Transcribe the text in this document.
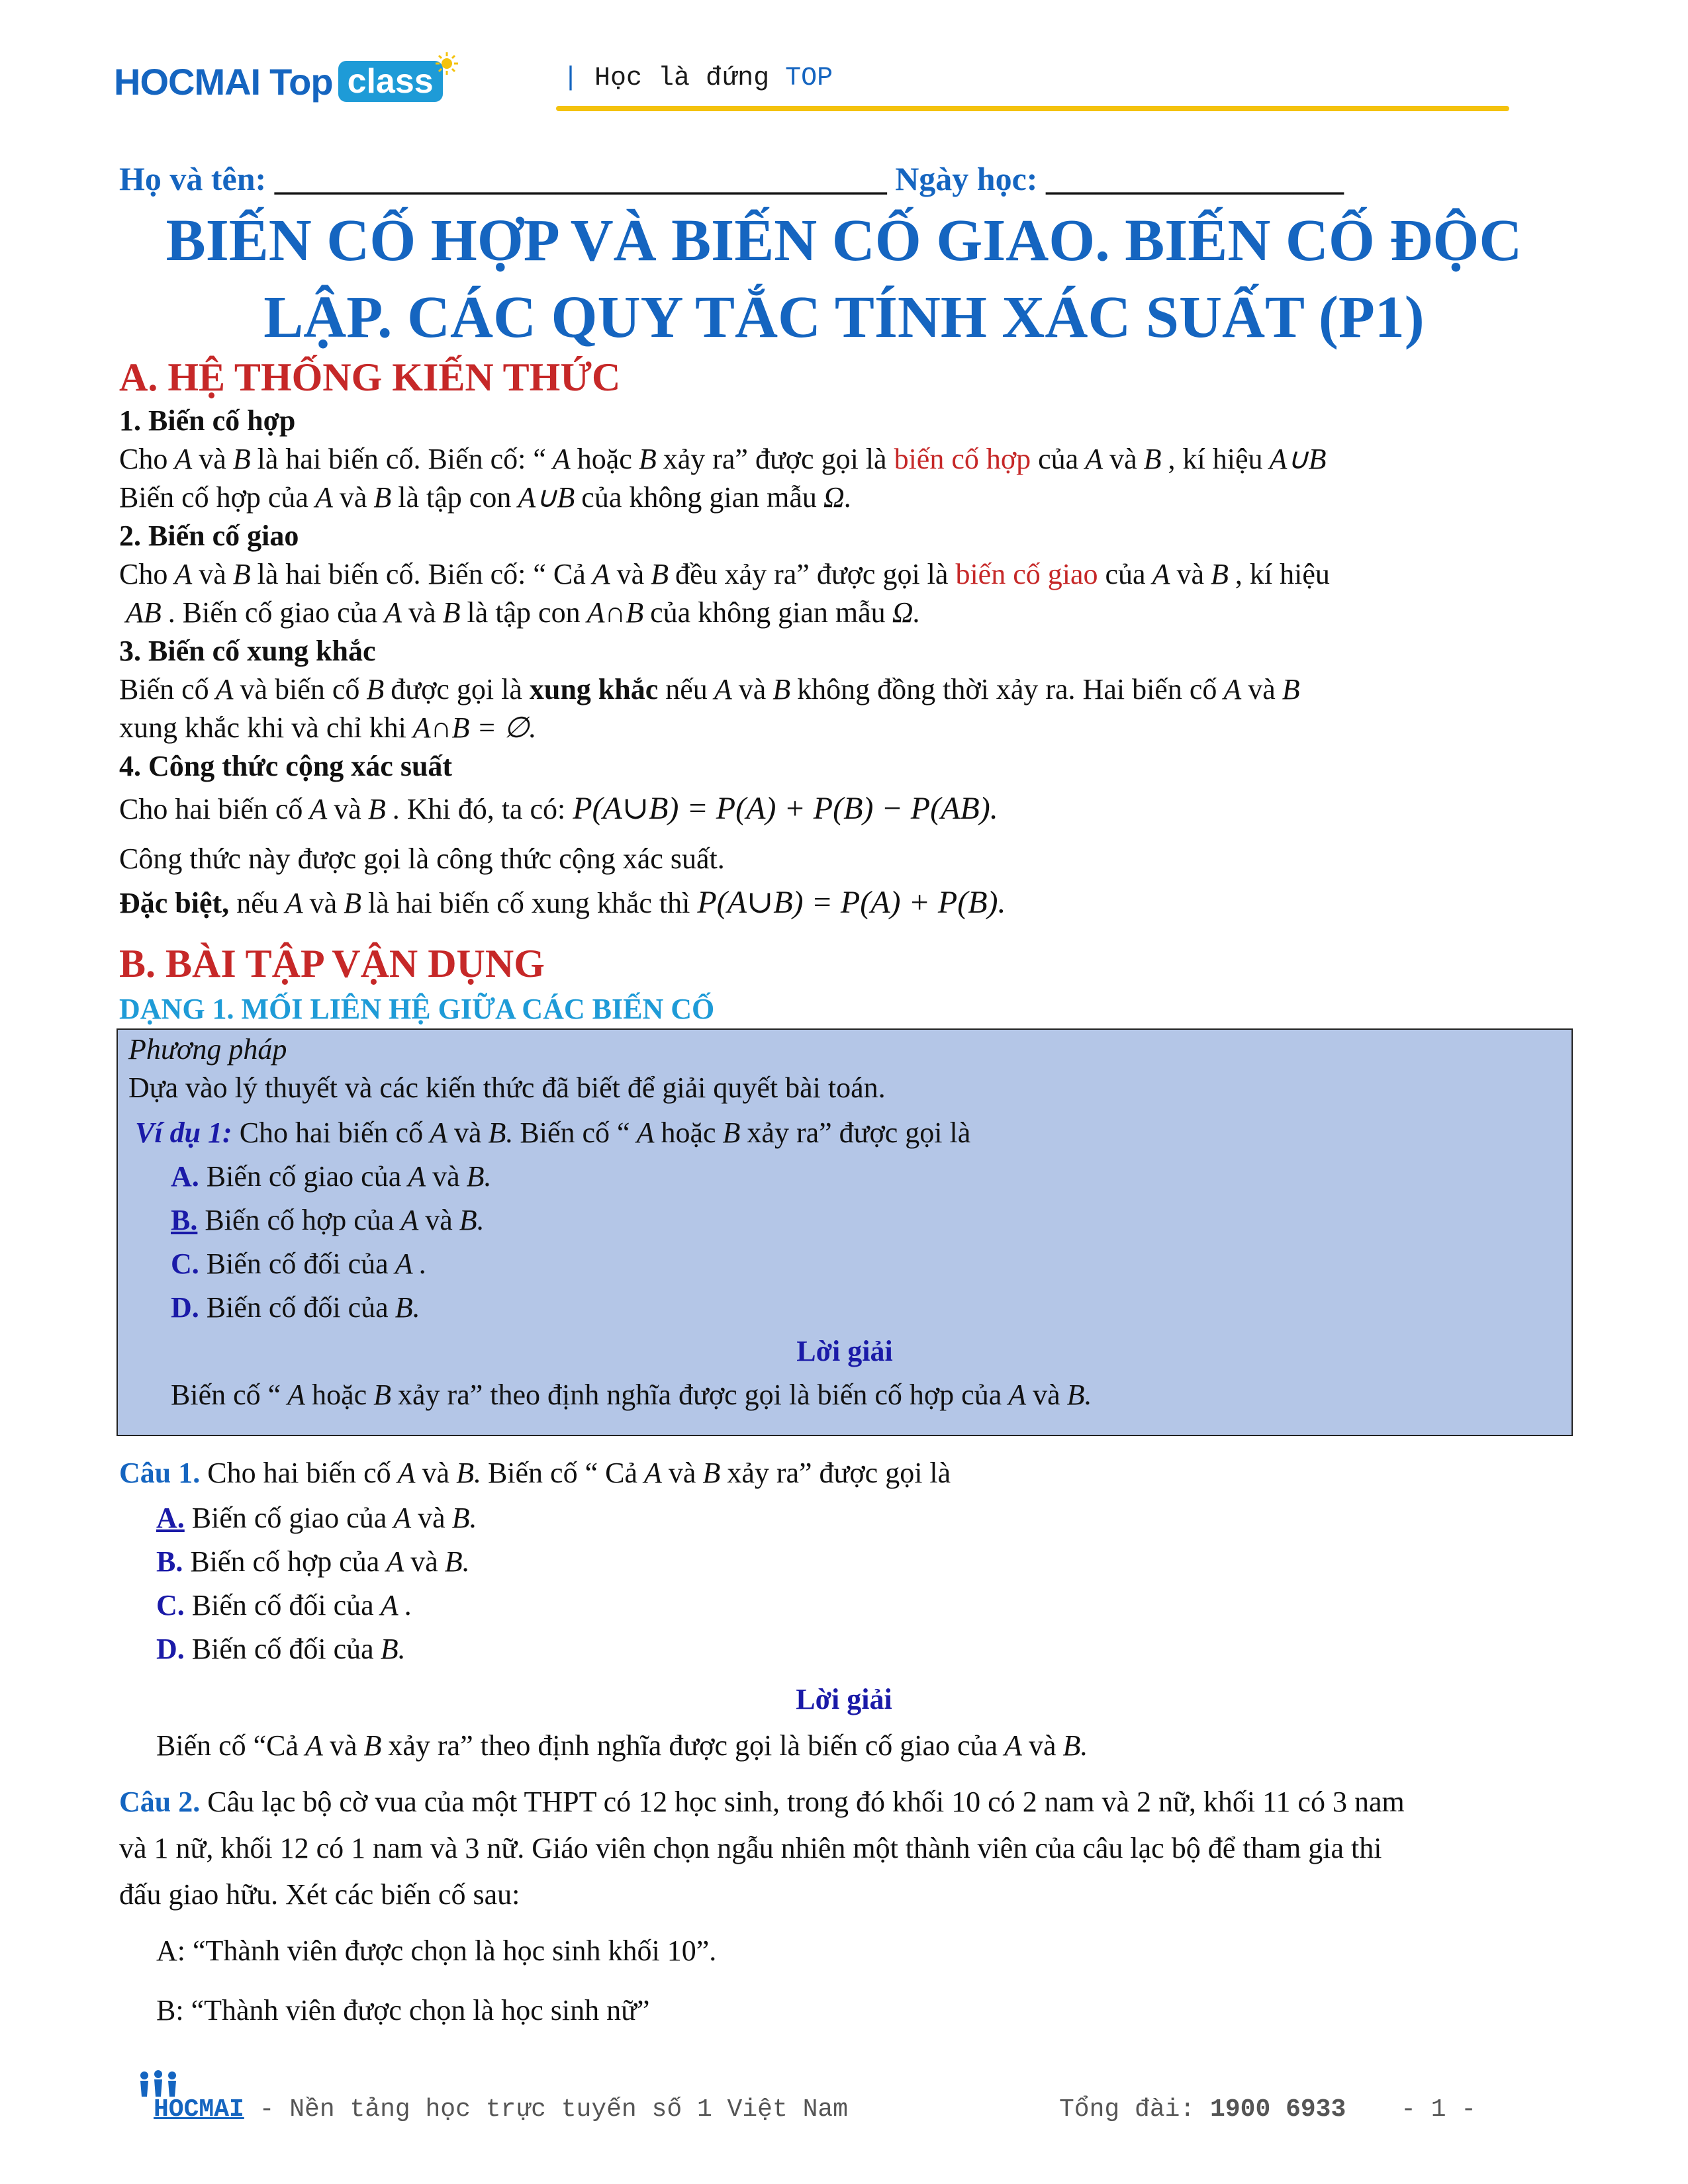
HOCMAI Top class	| Học là đứng TOP
Họ và tên: _____________________________________ Ngày học: __________________
BIẾN CỐ HỢP VÀ BIẾN CỐ GIAO. BIẾN CỐ ĐỘC
LẬP. CÁC QUY TẮC TÍNH XÁC SUẤT (P1)
A. HỆ THỐNG KIẾN THỨC
1. Biến cố hợp
Cho A và B là hai biến cố. Biến cố: “ A hoặc B xảy ra” được gọi là biến cố hợp của A và B , kí hiệu A∪B
Biến cố hợp của A và B là tập con A∪B của không gian mẫu Ω.
2. Biến cố giao
Cho A và B là hai biến cố. Biến cố: “ Cả A và B đều xảy ra” được gọi là biến cố giao của A và B , kí hiệu
AB . Biến cố giao của A và B là tập con A∩B của không gian mẫu Ω.
3. Biến cố xung khắc
Biến cố A và biến cố B được gọi là xung khắc nếu A và B không đồng thời xảy ra. Hai biến cố A và B
xung khắc khi và chỉ khi A∩B = ∅.
4. Công thức cộng xác suất
Cho hai biến cố A và B . Khi đó, ta có: P(A∪B) = P(A) + P(B) − P(AB).
Công thức này được gọi là công thức cộng xác suất.
Đặc biệt, nếu A và B là hai biến cố xung khắc thì P(A∪B) = P(A) + P(B).
B. BÀI TẬP VẬN DỤNG
DẠNG 1. MỐI LIÊN HỆ GIỮA CÁC BIẾN CỐ
Phương pháp
Dựa vào lý thuyết và các kiến thức đã biết để giải quyết bài toán.
Ví dụ 1: Cho hai biến cố A và B. Biến cố “ A hoặc B xảy ra” được gọi là
A. Biến cố giao của A và B.
B. Biến cố hợp của A và B.
C. Biến cố đối của A .
D. Biến cố đối của B.
Lời giải
Biến cố “ A hoặc B xảy ra” theo định nghĩa được gọi là biến cố hợp của A và B.
Câu 1. Cho hai biến cố A và B. Biến cố “ Cả A và B xảy ra” được gọi là
A. Biến cố giao của A và B.
B. Biến cố hợp của A và B.
C. Biến cố đối của A .
D. Biến cố đối của B.
Lời giải
Biến cố “Cả A và B xảy ra” theo định nghĩa được gọi là biến cố giao của A và B.
Câu 2. Câu lạc bộ cờ vua của một THPT có 12 học sinh, trong đó khối 10 có 2 nam và 2 nữ, khối 11 có 3 nam
và 1 nữ, khối 12 có 1 nam và 3 nữ. Giáo viên chọn ngẫu nhiên một thành viên của câu lạc bộ để tham gia thi
đấu giao hữu. Xét các biến cố sau:
A: “Thành viên được chọn là học sinh khối 10”.
B: “Thành viên được chọn là học sinh nữ”
HOCMAI - Nền tảng học trực tuyến số 1 Việt Nam	Tổng đài: 1900 6933 - 1 -
